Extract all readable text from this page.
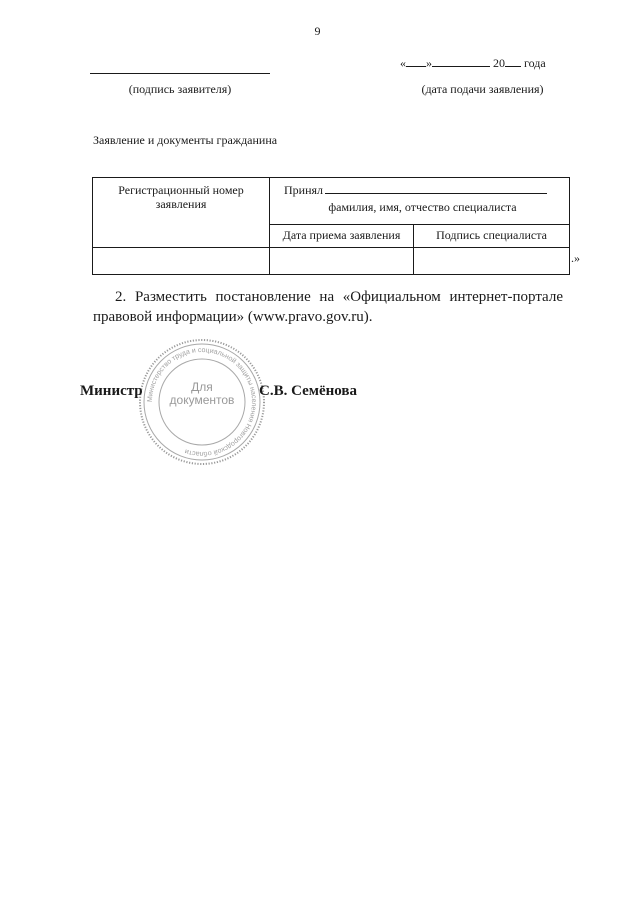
9
(подпись заявителя)
« »	20 года
(дата подачи заявления)
Заявление и документы гражданина
Регистрационный номер заявления	Принял
фамилия, имя, отчество специалиста	

	Дата приема заявления	Подпись специалиста

.»
2. Разместить постановление на «Официальном интернет-портале правовой информации» (www.pravo.gov.ru).
Министерство труда и социальной защиты населения Новгородской области
Для
документов
Министр	С.В. Семёнова
